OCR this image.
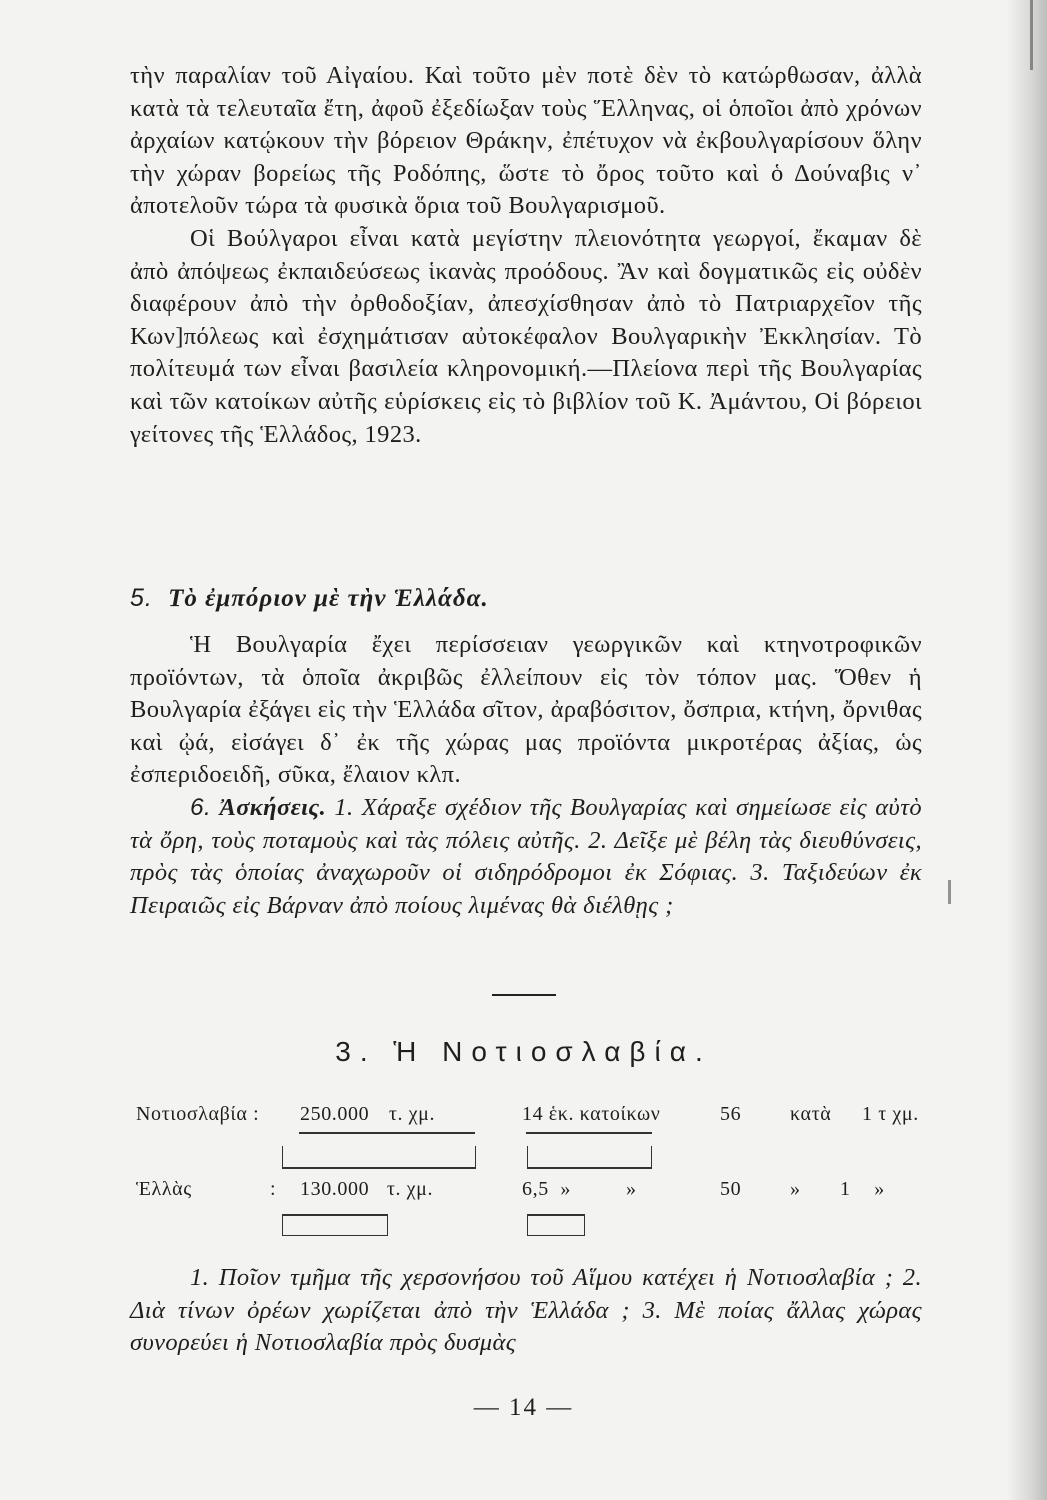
τὴν παραλίαν τοῦ Αἰγαίου. Καὶ τοῦτο μὲν ποτὲ δὲν τὸ κατώρθωσαν, ἀλλὰ κατὰ τὰ τελευταῖα ἔτη, ἀφοῦ ἐξεδίωξαν τοὺς Ἕλληνας, οἱ ὁποῖοι ἀπὸ χρόνων ἀρχαίων κατῴκουν τὴν βόρειον Θράκην, ἐπέτυχον νὰ ἐκβουλγαρίσουν ὅλην τὴν χώραν βορείως τῆς Ροδόπης, ὥστε τὸ ὄρος τοῦτο καὶ ὁ Δούναβις ν᾽ ἀποτελοῦν τώρα τὰ φυσικὰ ὅρια τοῦ Βουλγαρισμοῦ.

Οἱ Βούλγαροι εἶναι κατὰ μεγίστην πλειονότητα γεωργοί, ἔκαμαν δὲ ἀπὸ ἀπόψεως ἐκπαιδεύσεως ἱκανὰς προόδους. Ἂν καὶ δογματικῶς εἰς οὐδὲν διαφέρουν ἀπὸ τὴν ὀρθοδοξίαν, ἀπεσχίσθησαν ἀπὸ τὸ Πατριαρχεῖον τῆς Κων]πόλεως καὶ ἐσχημάτισαν αὐτοκέφαλον Βουλγαρικὴν Ἐκκλησίαν. Τὸ πολίτευμά των εἶναι βασιλεία κληρονομική.—Πλείονα περὶ τῆς Βουλγαρίας καὶ τῶν κατοίκων αὐτῆς εὑρίσκεις εἰς τὸ βιβλίον τοῦ Κ. Ἀμάντου, Οἱ βόρειοι γείτονες τῆς Ἑλλάδος, 1923.

5. Τὸ ἐμπόριον μὲ τὴν Ἑλλάδα.

Ἡ Βουλγαρία ἔχει περίσσειαν γεωργικῶν καὶ κτηνοτροφικῶν προϊόντων, τὰ ὁποῖα ἀκριβῶς ἐλλείπουν εἰς τὸν τόπον μας. Ὅθεν ἡ Βουλγαρία ἐξάγει εἰς τὴν Ἑλλάδα σῖτον, ἀραβόσιτον, ὄσπρια, κτήνη, ὄρνιθας καὶ ᾠά, εἰσάγει δ᾽ ἐκ τῆς χώρας μας προϊόντα μικροτέρας ἀξίας, ὡς ἐσπεριδοειδῆ, σῦκα, ἔλαιον κλπ.

6. Ἀσκήσεις. 1. Χάραξε σχέδιον τῆς Βουλγαρίας καὶ σημείωσε εἰς αὐτὸ τὰ ὄρη, τοὺς ποταμοὺς καὶ τὰς πόλεις αὐτῆς. 2. Δεῖξε μὲ βέλη τὰς διευθύνσεις, πρὸς τὰς ὁποίας ἀναχωροῦν οἱ σιδηρόδρομοι ἐκ Σόφιας. 3. Ταξιδεύων ἐκ Πειραιῶς εἰς Βάρναν ἀπὸ ποίους λιμένας θὰ διέλθῃς ;

3. Ἡ Νοτιοσλαβία.
Νοτιοσλαβία : 250.000 τ. χμ.	14 ἑκ. κατοίκων	56 κατὰ 1 τ χμ.
Ἑλλὰς	: 130.000 τ. χμ.	6,5 »	»	50 » 1 »

1. Ποῖον τμῆμα τῆς χερσονήσου τοῦ Αἵμου κατέχει ἡ Νοτιοσλαβία ; 2. Διὰ τίνων ὀρέων χωρίζεται ἀπὸ τὴν Ἑλλάδα ; 3. Μὲ ποίας ἄλλας χώρας συνορεύει ἡ Νοτιοσλαβία πρὸς δυσμὰς

— 14 —
